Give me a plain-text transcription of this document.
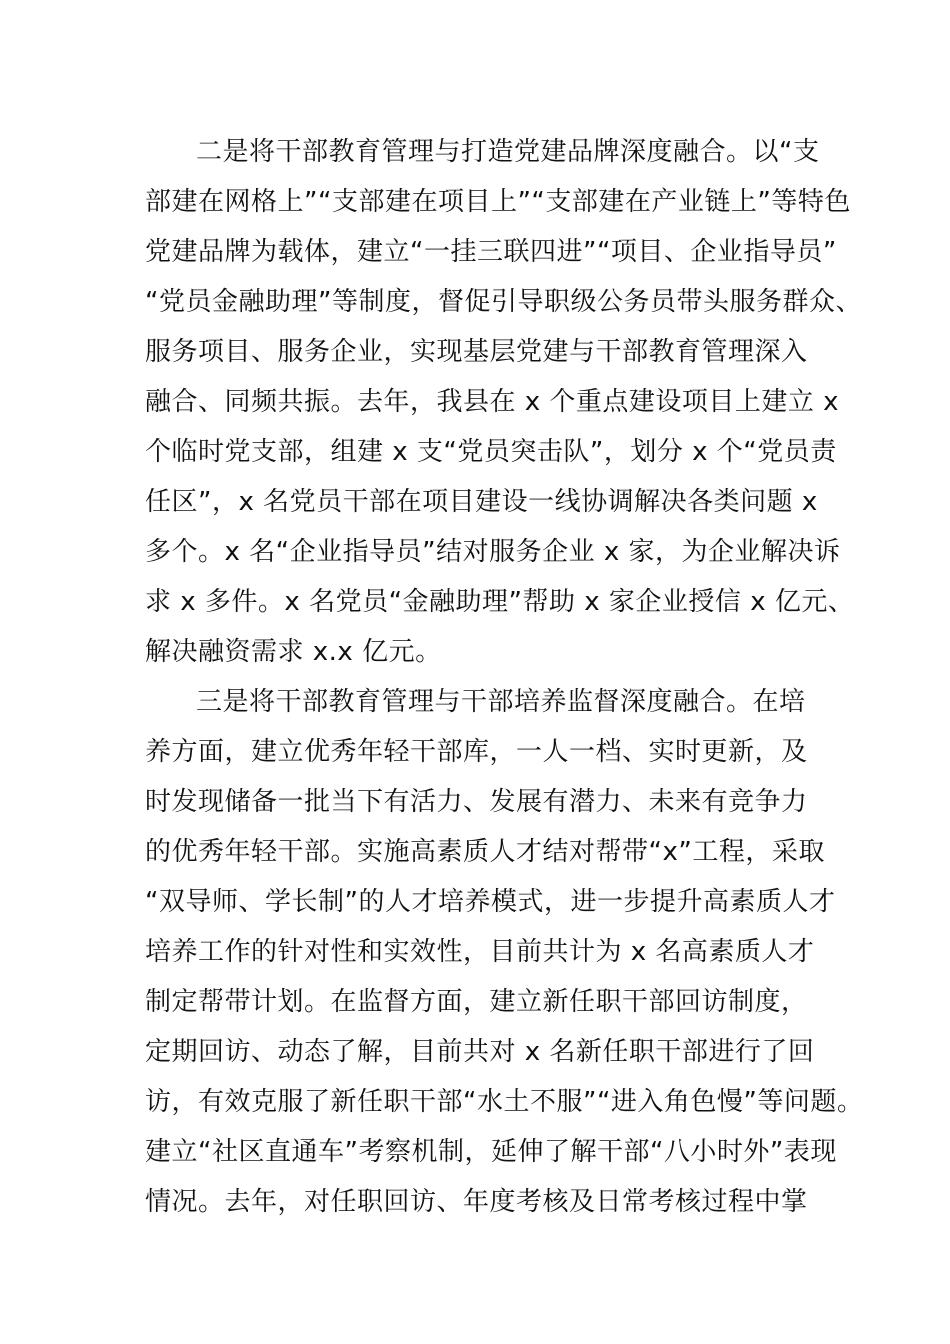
二是将干部教育管理与打造党建品牌深度融合。以“支
部建在网格上”“支部建在项目上”“支部建在产业链上”等特色
党建品牌为载体，建立“一挂三联四进”“项目、企业指导员”
“党员金融助理”等制度，督促引导职级公务员带头服务群众、
服务项目、服务企业，实现基层党建与干部教育管理深入
融合、同频共振。去年，我县在 x 个重点建设项目上建立 x
个临时党支部，组建 x 支“党员突击队”，划分 x 个“党员责
任区”，x 名党员干部在项目建设一线协调解决各类问题 x
多个。x 名“企业指导员”结对服务企业 x 家，为企业解决诉
求 x 多件。x 名党员“金融助理”帮助 x 家企业授信 x 亿元、
解决融资需求 x.x 亿元。
三是将干部教育管理与干部培养监督深度融合。在培
养方面，建立优秀年轻干部库，一人一档、实时更新，及
时发现储备一批当下有活力、发展有潜力、未来有竞争力
的优秀年轻干部。实施高素质人才结对帮带“x”工程，采取
“双导师、学长制”的人才培养模式，进一步提升高素质人才
培养工作的针对性和实效性，目前共计为 x 名高素质人才
制定帮带计划。在监督方面，建立新任职干部回访制度，
定期回访、动态了解，目前共对 x 名新任职干部进行了回
访，有效克服了新任职干部“水土不服”“进入角色慢”等问题。
建立“社区直通车”考察机制，延伸了解干部“八小时外”表现
情况。去年，对任职回访、年度考核及日常考核过程中掌
